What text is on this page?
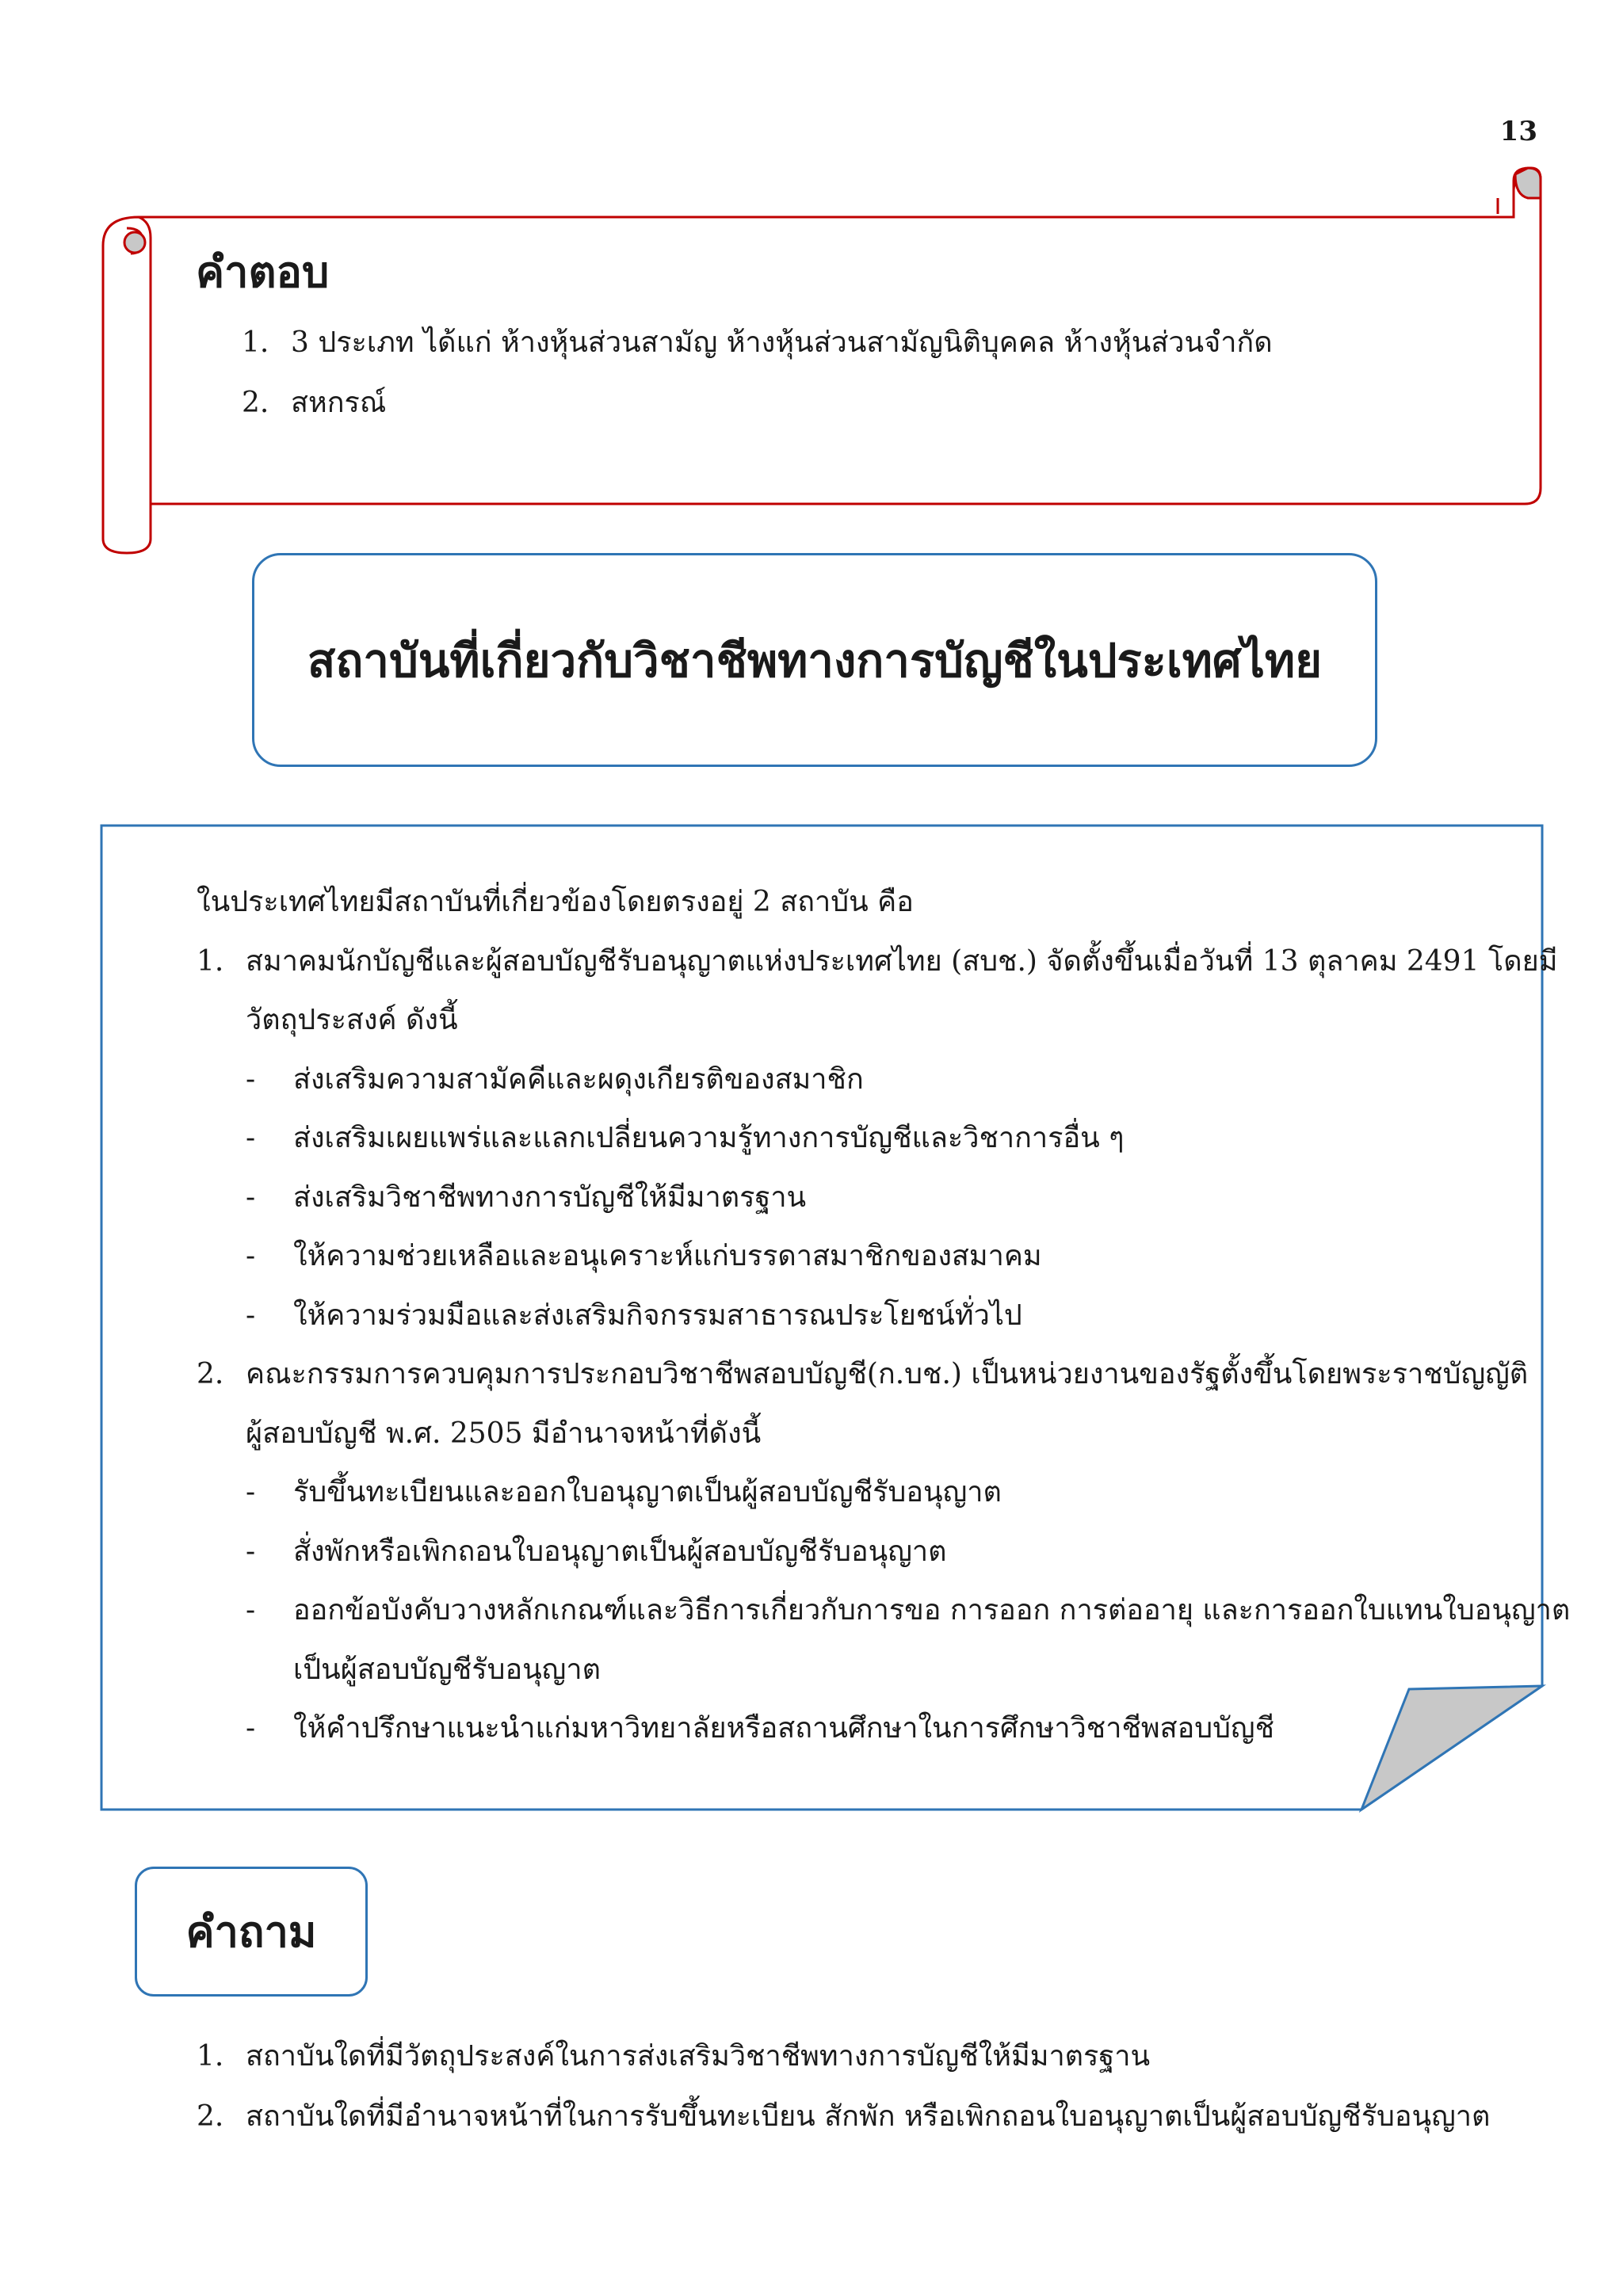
13
คำตอบ
1. 3 ประเภท ได้แก่ ห้างหุ้นส่วนสามัญ ห้างหุ้นส่วนสามัญนิติบุคคล ห้างหุ้นส่วนจำกัด
2. สหกรณ์
สถาบันที่เกี่ยวกับวิชาชีพทางการบัญชีในประเทศไทย
ในประเทศไทยมีสถาบันที่เกี่ยวข้องโดยตรงอยู่ 2 สถาบัน คือ
1. สมาคมนักบัญชีและผู้สอบบัญชีรับอนุญาตแห่งประเทศไทย (สบช.) จัดตั้งขึ้นเมื่อวันที่ 13 ตุลาคม 2491 โดยมี
วัตถุประสงค์ ดังนี้
- ส่งเสริมความสามัคคีและผดุงเกียรติของสมาชิก
- ส่งเสริมเผยแพร่และแลกเปลี่ยนความรู้ทางการบัญชีและวิชาการอื่น ๆ
- ส่งเสริมวิชาชีพทางการบัญชีให้มีมาตรฐาน
- ให้ความช่วยเหลือและอนุเคราะห์แก่บรรดาสมาชิกของสมาคม
- ให้ความร่วมมือและส่งเสริมกิจกรรมสาธารณประโยชน์ทั่วไป
2. คณะกรรมการควบคุมการประกอบวิชาชีพสอบบัญชี(ก.บช.) เป็นหน่วยงานของรัฐตั้งขึ้นโดยพระราชบัญญัติ
ผู้สอบบัญชี พ.ศ. 2505 มีอำนาจหน้าที่ดังนี้
- รับขึ้นทะเบียนและออกใบอนุญาตเป็นผู้สอบบัญชีรับอนุญาต
- สั่งพักหรือเพิกถอนใบอนุญาตเป็นผู้สอบบัญชีรับอนุญาต
- ออกข้อบังคับวางหลักเกณฑ์และวิธีการเกี่ยวกับการขอ การออก การต่ออายุ และการออกใบแทนใบอนุญาต
เป็นผู้สอบบัญชีรับอนุญาต
- ให้คำปรึกษาแนะนำแก่มหาวิทยาลัยหรือสถานศึกษาในการศึกษาวิชาชีพสอบบัญชี
คำถาม
1. สถาบันใดที่มีวัตถุประสงค์ในการส่งเสริมวิชาชีพทางการบัญชีให้มีมาตรฐาน
2. สถาบันใดที่มีอำนาจหน้าที่ในการรับขึ้นทะเบียน สักพัก หรือเพิกถอนใบอนุญาตเป็นผู้สอบบัญชีรับอนุญาต
